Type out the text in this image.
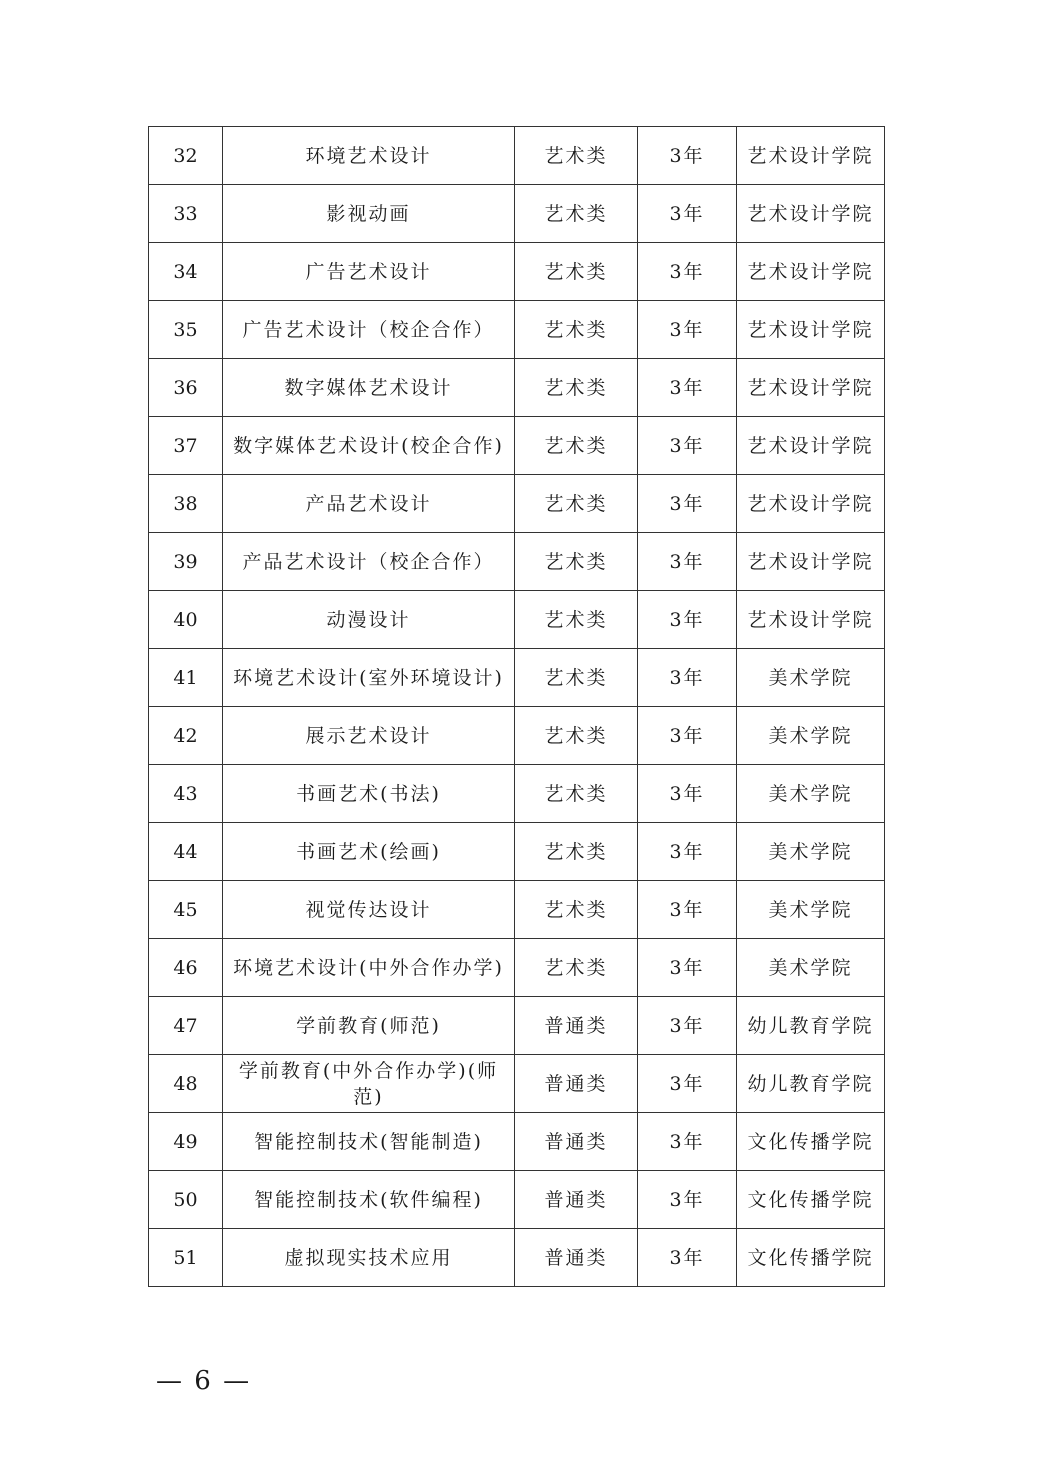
32	环境艺术设计	艺术类	3年	艺术设计学院
33	影视动画	艺术类	3年	艺术设计学院
34	广告艺术设计	艺术类	3年	艺术设计学院
35	广告艺术设计（校企合作）	艺术类	3年	艺术设计学院
36	数字媒体艺术设计	艺术类	3年	艺术设计学院
37	数字媒体艺术设计(校企合作)	艺术类	3年	艺术设计学院
38	产品艺术设计	艺术类	3年	艺术设计学院
39	产品艺术设计（校企合作）	艺术类	3年	艺术设计学院
40	动漫设计	艺术类	3年	艺术设计学院
41	环境艺术设计(室外环境设计)	艺术类	3年	美术学院
42	展示艺术设计	艺术类	3年	美术学院
43	书画艺术(书法)	艺术类	3年	美术学院
44	书画艺术(绘画)	艺术类	3年	美术学院
45	视觉传达设计	艺术类	3年	美术学院
46	环境艺术设计(中外合作办学)	艺术类	3年	美术学院
47	学前教育(师范)	普通类	3年	幼儿教育学院
48	学前教育(中外合作办学)(师范)	普通类	3年	幼儿教育学院
49	智能控制技术(智能制造)	普通类	3年	文化传播学院
50	智能控制技术(软件编程)	普通类	3年	文化传播学院
51	虚拟现实技术应用	普通类	3年	文化传播学院
— 6 —
